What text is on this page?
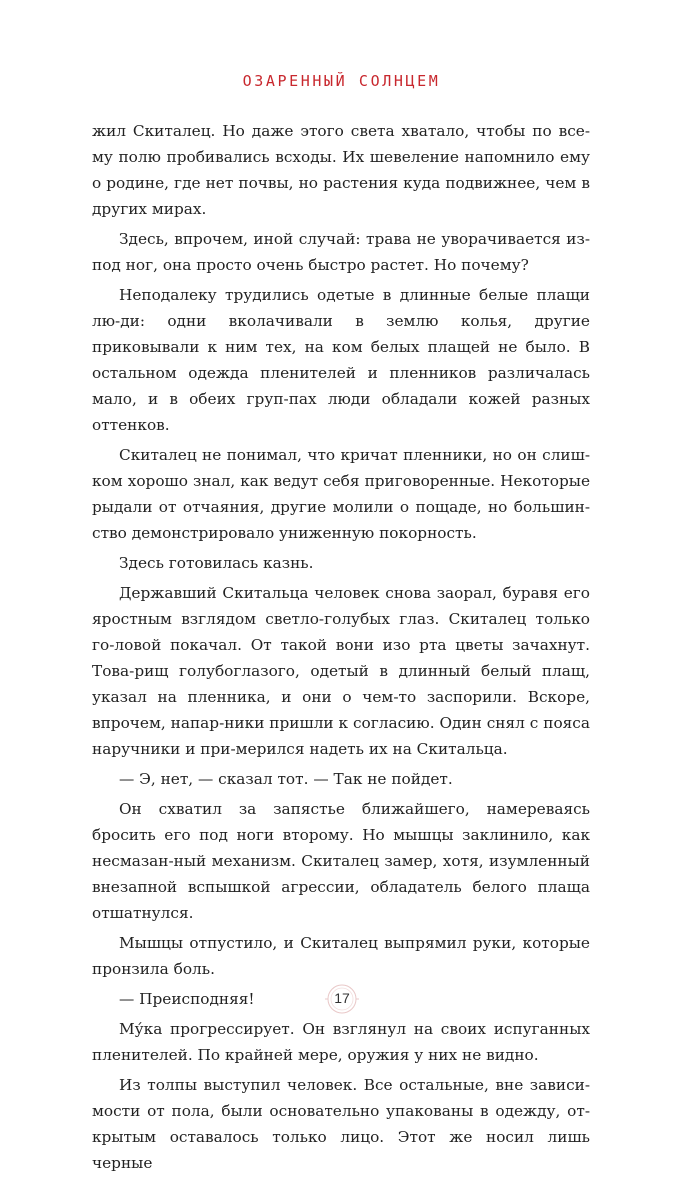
ОЗАРЕННЫЙ СОЛНЦЕМ

жил Скиталец. Но даже этого света хватало, чтобы по все-му полю пробивались всходы. Их шевеление напомнило ему о родине, где нет почвы, но растения куда подвижнее, чем в других мирах.

Здесь, впрочем, иной случай: трава не уворачивается из-под ног, она просто очень быстро растет. Но почему?

Неподалеку трудились одетые в длинные белые плащи лю-ди: одни вколачивали в землю колья, другие приковывали к ним тех, на ком белых плащей не было. В остальном одежда пленителей и пленников различалась мало, и в обеих груп-пах люди обладали кожей разных оттенков.

Скиталец не понимал, что кричат пленники, но он слиш-ком хорошо знал, как ведут себя приговоренные. Некоторые рыдали от отчаяния, другие молили о пощаде, но большин-ство демонстрировало униженную покорность.

Здесь готовилась казнь.

Державший Скитальца человек снова заорал, буравя его яростным взглядом светло-голубых глаз. Скиталец только го-ловой покачал. От такой вони изо рта цветы зачахнут. Това-рищ голубоглазого, одетый в длинный белый плащ, указал на пленника, и они о чем-то заспорили. Вскоре, впрочем, напар-ники пришли к согласию. Один снял с пояса наручники и при-мерился надеть их на Скитальца.

— Э, нет, — сказал тот. — Так не пойдет.

Он схватил за запястье ближайшего, намереваясь бросить его под ноги второму. Но мышцы заклинило, как несмазан-ный механизм. Скиталец замер, хотя, изумленный внезапной вспышкой агрессии, обладатель белого плаща отшатнулся.

Мышцы отпустило, и Скиталец выпрямил руки, которые пронзила боль.

— Преисподняя!

Му́ка прогрессирует. Он взглянул на своих испуганных пленителей. По крайней мере, оружия у них не видно.

Из толпы выступил человек. Все остальные, вне зависи-мости от пола, были основательно упакованы в одежду, от-крытым оставалось только лицо. Этот же носил лишь черные

17
